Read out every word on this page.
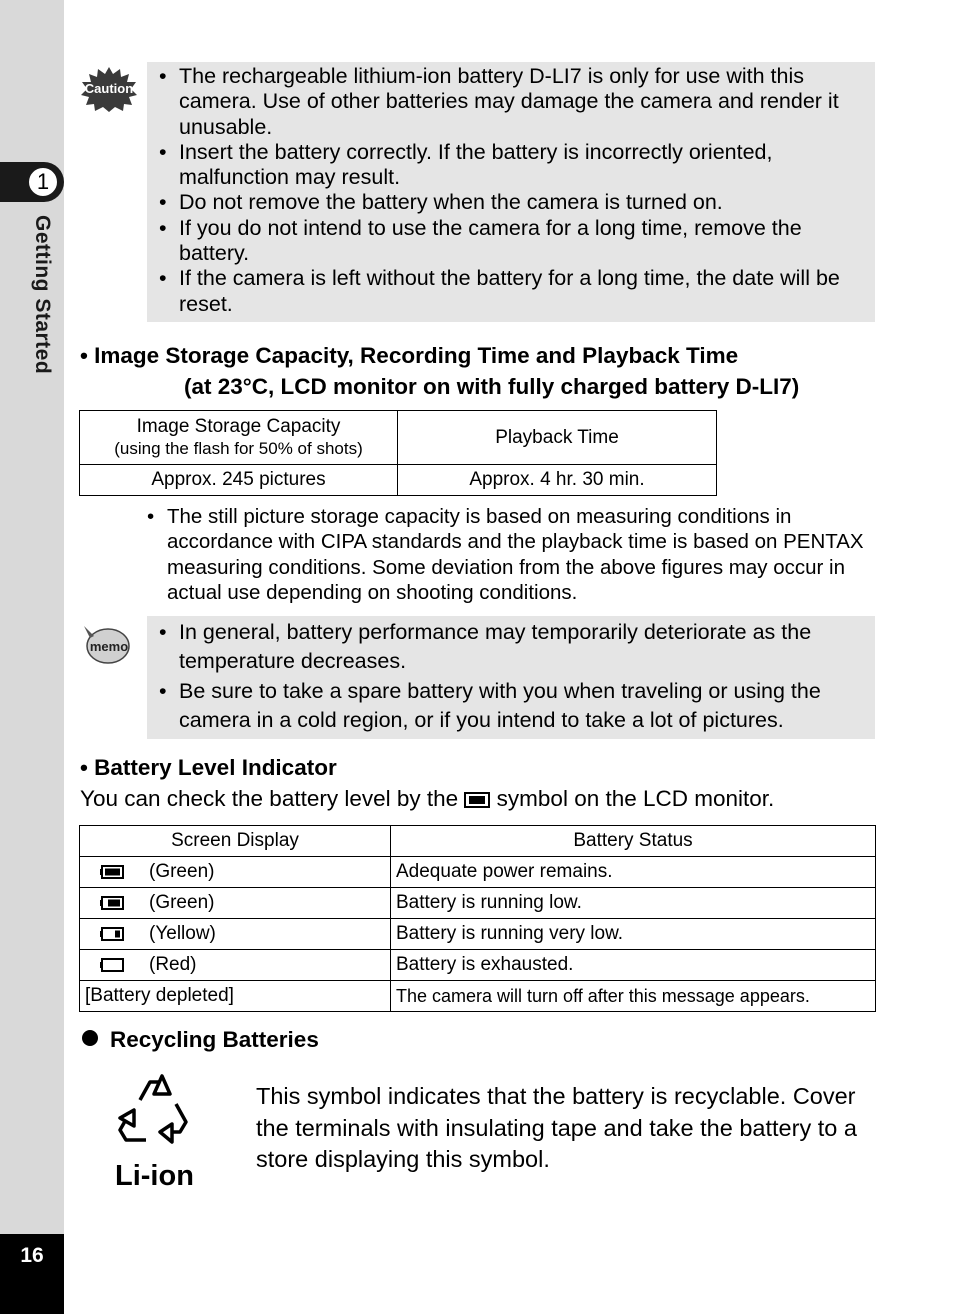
1
Getting Started
16
Caution
• The rechargeable lithium-ion battery D-LI7 is only for use with this camera. Use of other batteries may damage the camera and render it unusable.
• Insert the battery correctly. If the battery is incorrectly oriented, malfunction may result.
• Do not remove the battery when the camera is turned on.
• If you do not intend to use the camera for a long time, remove the battery.
• If the camera is left without the battery for a long time, the date will be reset.
• Image Storage Capacity, Recording Time and Playback Time
(at 23°C, LCD monitor on with fully charged battery D-LI7)
Image Storage Capacity
(using the flash for 50% of shots)	Playback Time
Approx. 245 pictures	Approx. 4 hr. 30 min.
• The still picture storage capacity is based on measuring conditions in accordance with CIPA standards and the playback time is based on PENTAX measuring conditions. Some deviation from the above figures may occur in actual use depending on shooting conditions.
memo
• In general, battery performance may temporarily deteriorate as the temperature decreases.
• Be sure to take a spare battery with you when traveling or using the camera in a cold region, or if you intend to take a lot of pictures.
• Battery Level Indicator
You can check the battery level by the  symbol on the LCD monitor.
Screen Display	Battery Status

(Green)	Adequate power remains.

(Green)	Battery is running low.

(Yellow)	Battery is running very low.

(Red)	Battery is exhausted.
[Battery depleted]	The camera will turn off after this message appears.
Recycling Batteries
Li-ion
This symbol indicates that the battery is recyclable. Cover the terminals with insulating tape and take the battery to a store displaying this symbol.
